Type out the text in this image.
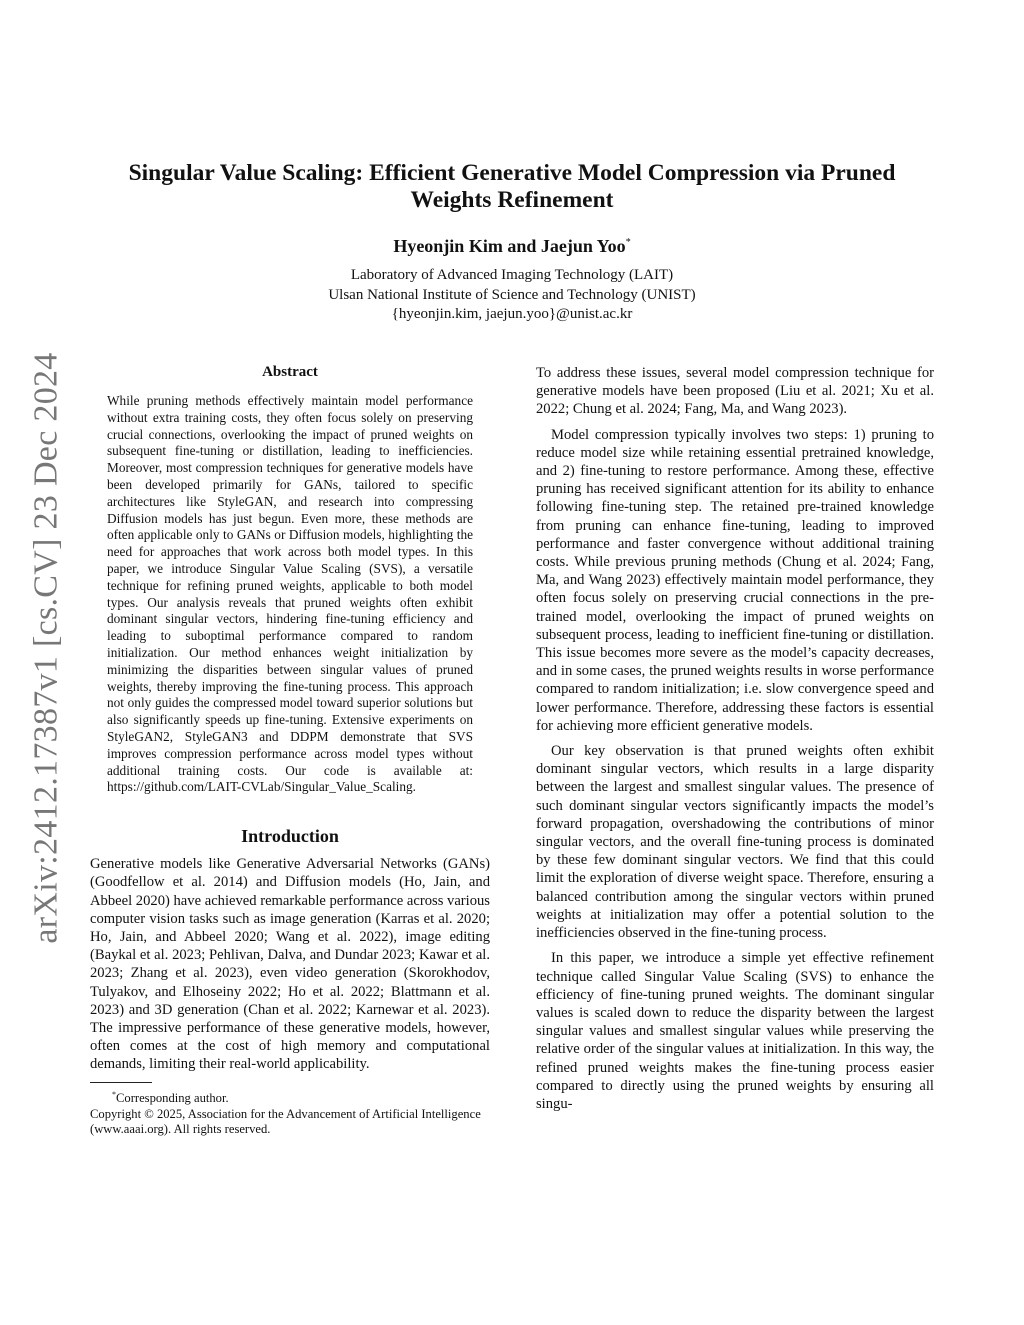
arXiv:2412.17387v1 [cs.CV] 23 Dec 2024
Singular Value Scaling: Efficient Generative Model Compression via Pruned Weights Refinement
Hyeonjin Kim and Jaejun Yoo*
Laboratory of Advanced Imaging Technology (LAIT)
Ulsan National Institute of Science and Technology (UNIST)
{hyeonjin.kim, jaejun.yoo}@unist.ac.kr
Abstract
While pruning methods effectively maintain model performance without extra training costs, they often focus solely on preserving crucial connections, overlooking the impact of pruned weights on subsequent fine-tuning or distillation, leading to inefficiencies. Moreover, most compression techniques for generative models have been developed primarily for GANs, tailored to specific architectures like StyleGAN, and research into compressing Diffusion models has just begun. Even more, these methods are often applicable only to GANs or Diffusion models, highlighting the need for approaches that work across both model types. In this paper, we introduce Singular Value Scaling (SVS), a versatile technique for refining pruned weights, applicable to both model types. Our analysis reveals that pruned weights often exhibit dominant singular vectors, hindering fine-tuning efficiency and leading to suboptimal performance compared to random initialization. Our method enhances weight initialization by minimizing the disparities between singular values of pruned weights, thereby improving the fine-tuning process. This approach not only guides the compressed model toward superior solutions but also significantly speeds up fine-tuning. Extensive experiments on StyleGAN2, StyleGAN3 and DDPM demonstrate that SVS improves compression performance across model types without additional training costs. Our code is available at: https://github.com/LAIT-CVLab/Singular_Value_Scaling.
Introduction

Generative models like Generative Adversarial Networks (GANs) (Goodfellow et al. 2014) and Diffusion models (Ho, Jain, and Abbeel 2020) have achieved remarkable performance across various computer vision tasks such as image generation (Karras et al. 2020; Ho, Jain, and Abbeel 2020; Wang et al. 2022), image editing (Baykal et al. 2023; Pehlivan, Dalva, and Dundar 2023; Kawar et al. 2023; Zhang et al. 2023), even video generation (Skorokhodov, Tulyakov, and Elhoseiny 2022; Ho et al. 2022; Blattmann et al. 2023) and 3D generation (Chan et al. 2022; Karnewar et al. 2023). The impressive performance of these generative models, however, often comes at the cost of high memory and computational demands, limiting their real-world applicability.

*Corresponding author.
Copyright © 2025, Association for the Advancement of Artificial Intelligence (www.aaai.org). All rights reserved.

To address these issues, several model compression technique for generative models have been proposed (Liu et al. 2021; Xu et al. 2022; Chung et al. 2024; Fang, Ma, and Wang 2023).

Model compression typically involves two steps: 1) pruning to reduce model size while retaining essential pretrained knowledge, and 2) fine-tuning to restore performance. Among these, effective pruning has received significant attention for its ability to enhance following fine-tuning step. The retained pre-trained knowledge from pruning can enhance fine-tuning, leading to improved performance and faster convergence without additional training costs. While previous pruning methods (Chung et al. 2024; Fang, Ma, and Wang 2023) effectively maintain model performance, they often focus solely on preserving crucial connections in the pre-trained model, overlooking the impact of pruned weights on subsequent process, leading to inefficient fine-tuning or distillation. This issue becomes more severe as the model’s capacity decreases, and in some cases, the pruned weights results in worse performance compared to random initialization; i.e. slow convergence speed and lower performance. Therefore, addressing these factors is essential for achieving more efficient generative models.

Our key observation is that pruned weights often exhibit dominant singular vectors, which results in a large disparity between the largest and smallest singular values. The presence of such dominant singular vectors significantly impacts the model’s forward propagation, overshadowing the contributions of minor singular vectors, and the overall fine-tuning process is dominated by these few dominant singular vectors. We find that this could limit the exploration of diverse weight space. Therefore, ensuring a balanced contribution among the singular vectors within pruned weights at initialization may offer a potential solution to the inefficiencies observed in the fine-tuning process.

In this paper, we introduce a simple yet effective refinement technique called Singular Value Scaling (SVS) to enhance the efficiency of fine-tuning pruned weights. The dominant singular values is scaled down to reduce the disparity between the largest singular values and smallest singular values while preserving the relative order of the singular values at initialization. In this way, the refined pruned weights makes the fine-tuning process easier compared to directly using the pruned weights by ensuring all singu-
